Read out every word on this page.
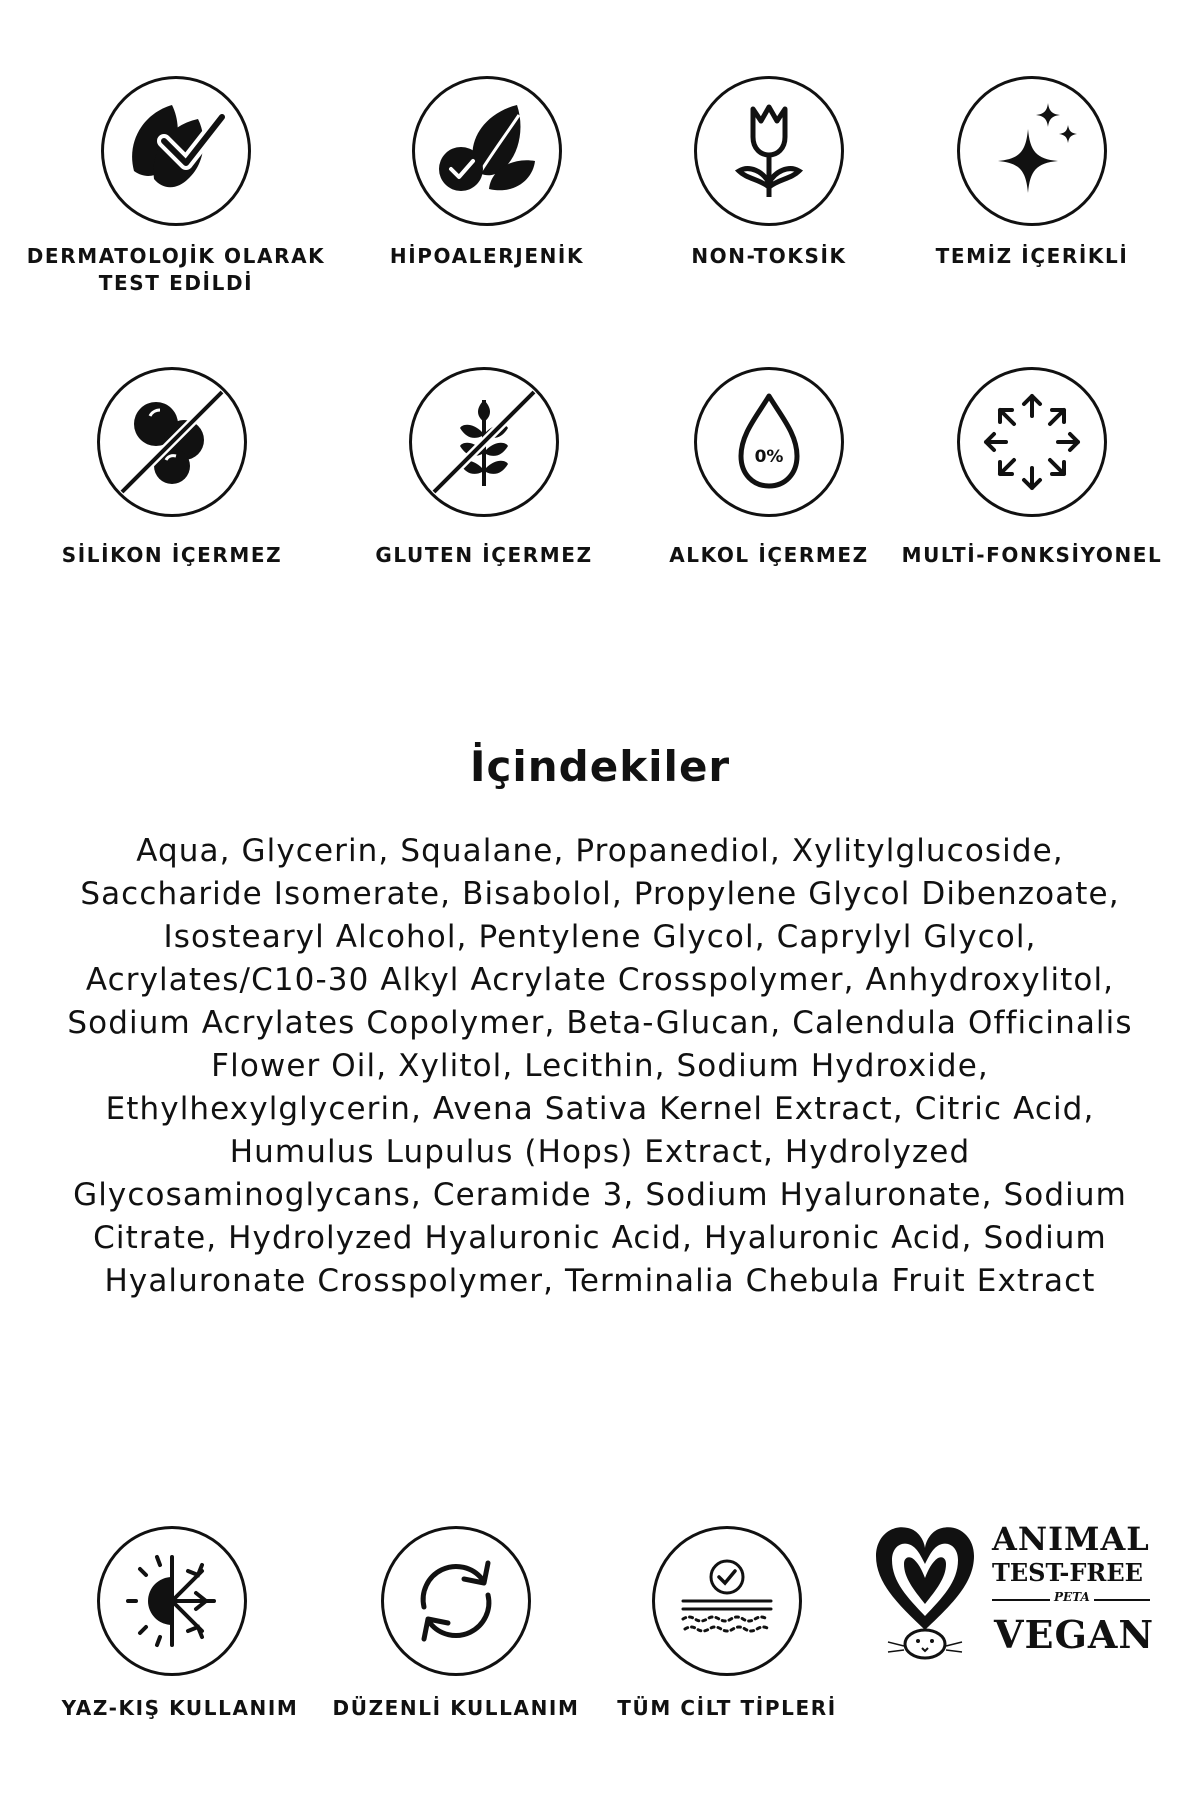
DERMATOLOJİK OLARAK
TEST EDİLDİ
HİPOALERJENİK	NON-TOKSİK	TEMİZ İÇERİKLİ
SİLİKON İÇERMEZ	GLUTEN İÇERMEZ
0%
ALKOL İÇERMEZ	MULTİ-FONKSİYONEL
İçindekiler
Aqua, Glycerin, Squalane, Propanediol, Xylitylglucoside, Saccharide Isomerate, Bisabolol, Propylene Glycol Dibenzoate, Isostearyl Alcohol, Pentylene Glycol, Caprylyl Glycol, Acrylates/C10-30 Alkyl Acrylate Crosspolymer, Anhydroxylitol, Sodium Acrylates Copolymer, Beta-Glucan, Calendula Officinalis Flower Oil, Xylitol, Lecithin, Sodium Hydroxide, Ethylhexylglycerin, Avena Sativa Kernel Extract, Citric Acid, Humulus Lupulus (Hops) Extract, Hydrolyzed Glycosaminoglycans, Ceramide 3, Sodium Hyaluronate, Sodium Citrate, Hydrolyzed Hyaluronic Acid, Hyaluronic Acid, Sodium Hyaluronate Crosspolymer, Terminalia Chebula Fruit Extract
YAZ-KIŞ KULLANIM	DÜZENLİ KULLANIM	TÜM CİLT TİPLERİ
ANIMAL
TEST-FREE
PETA
VEGAN
